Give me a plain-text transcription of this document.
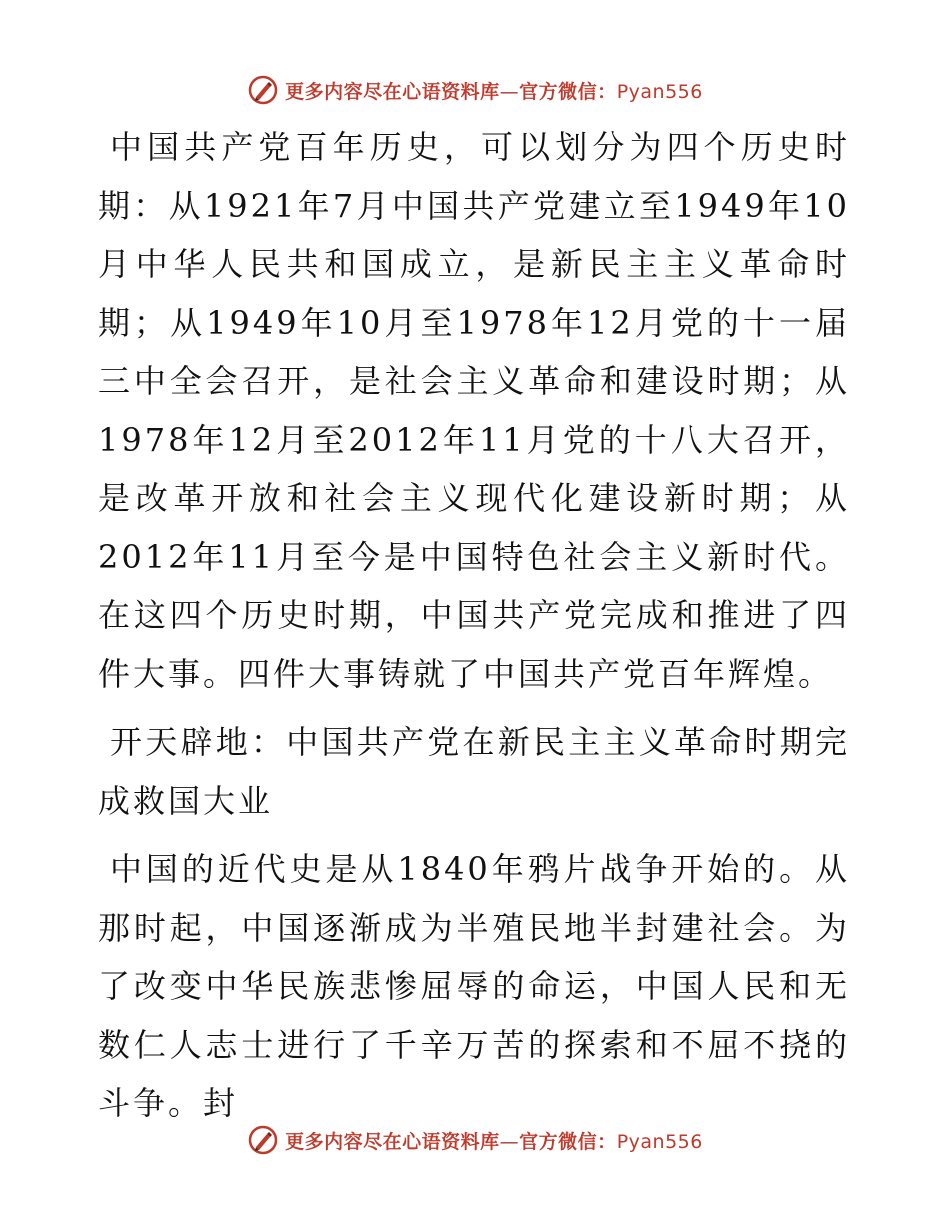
更多内容尽在心语资料库—官方微信：Pyan556

中国共产党百年历史，可以划分为四个历史时期：从1921年7月中国共产党建立至1949年10月中华人民共和国成立，是新民主主义革命时期；从1949年10月至1978年12月党的十一届三中全会召开，是社会主义革命和建设时期；从1978年12月至2012年11月党的十八大召开，是改革开放和社会主义现代化建设新时期；从2012年11月至今是中国特色社会主义新时代。在这四个历史时期，中国共产党完成和推进了四件大事。四件大事铸就了中国共产党百年辉煌。

开天辟地：中国共产党在新民主主义革命时期完成救国大业

中国的近代史是从1840年鸦片战争开始的。从那时起，中国逐渐成为半殖民地半封建社会。为了改变中华民族悲惨屈辱的命运，中国人民和无数仁人志士进行了千辛万苦的探索和不屈不挠的斗争。封

更多内容尽在心语资料库—官方微信：Pyan556
